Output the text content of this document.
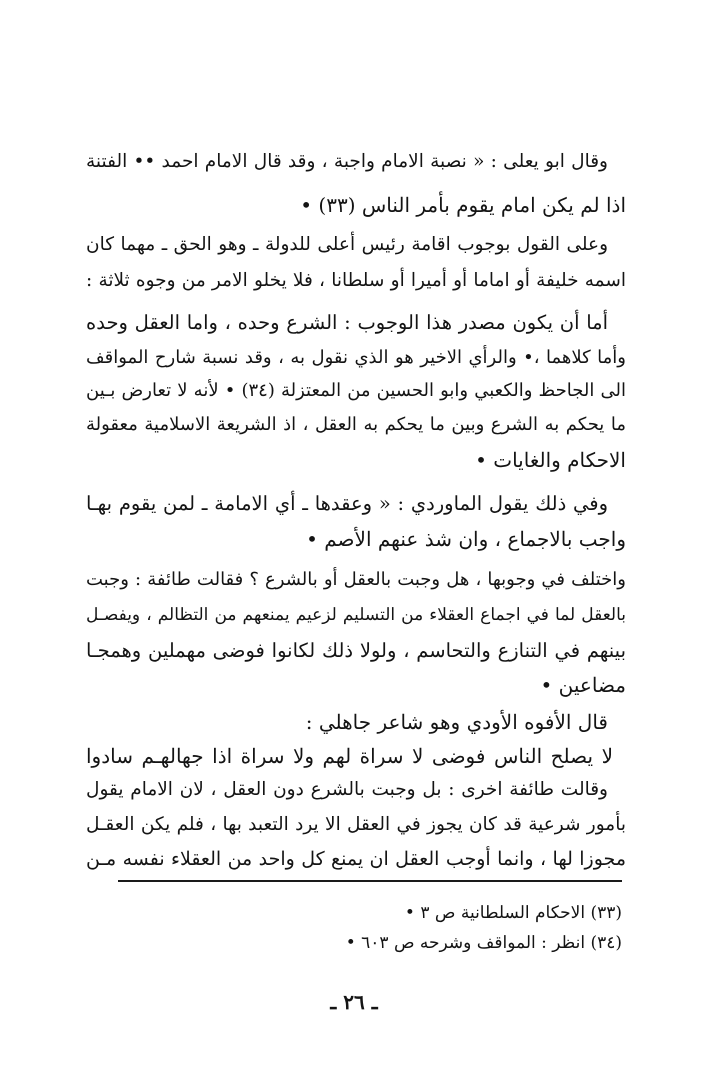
وقال ابو يعلى : « نصبة الامام واجبة ، وقد قال الامام احمد •• الفتنة
اذا لم يكن امام يقوم بأمر الناس (٣٣) •
وعلى القول بوجوب اقامة رئيس أعلى للدولة ـ وهو الحق ـ مهما كان
اسمه خليفة أو اماما أو أميرا أو سلطانا ، فلا يخلو الامر من وجوه ثلاثة :
أما أن يكون مصدر هذا الوجوب : الشرع وحده ، واما العقل وحده
وأما كلاهما ،• والرأي الاخير هو الذي نقول به ، وقد نسبة شارح المواقف
الى الجاحظ والكعبي وابو الحسين من المعتزلة (٣٤) • لأنه لا تعارض بـين
ما يحكم به الشرع وبين ما يحكم به العقل ، اذ الشريعة الاسلامية معقولة
الاحكام والغايات •
وفي ذلك يقول الماوردي : « وعقدها ـ أي الامامة ـ لمن يقوم بهـا
واجب بالاجماع ، وان شذ عنهم الأصم •
واختلف في وجوبها ، هل وجبت بالعقل أو بالشرع ؟ فقالت طائفة : وجبت
بالعقل لما في اجماع العقلاء من التسليم لزعيم يمنعهم من التظالم ، ويفصـل
بينهم في التنازع والتحاسم ، ولولا ذلك لكانوا فوضى مهملين وهمجـا
مضاعين •
قال الأفوه الأودي وهو شاعر جاهلي :
لا يصلح الناس فوضى لا سراة لهم ولا سراة اذا جهالهـم سادوا
وقالت طائفة اخرى : بل وجبت بالشرع دون العقل ، لان الامام يقول
بأمور شرعية قد كان يجوز في العقل الا يرد التعبد بها ، فلم يكن العقـل
مجوزا لها ، وانما أوجب العقل ان يمنع كل واحد من العقلاء نفسه مـن
(٣٣) الاحكام السلطانية ص ٣ •
(٣٤) انظر : المواقف وشرحه ص ٦٠٣ •
ـ ٢٦ ـ
